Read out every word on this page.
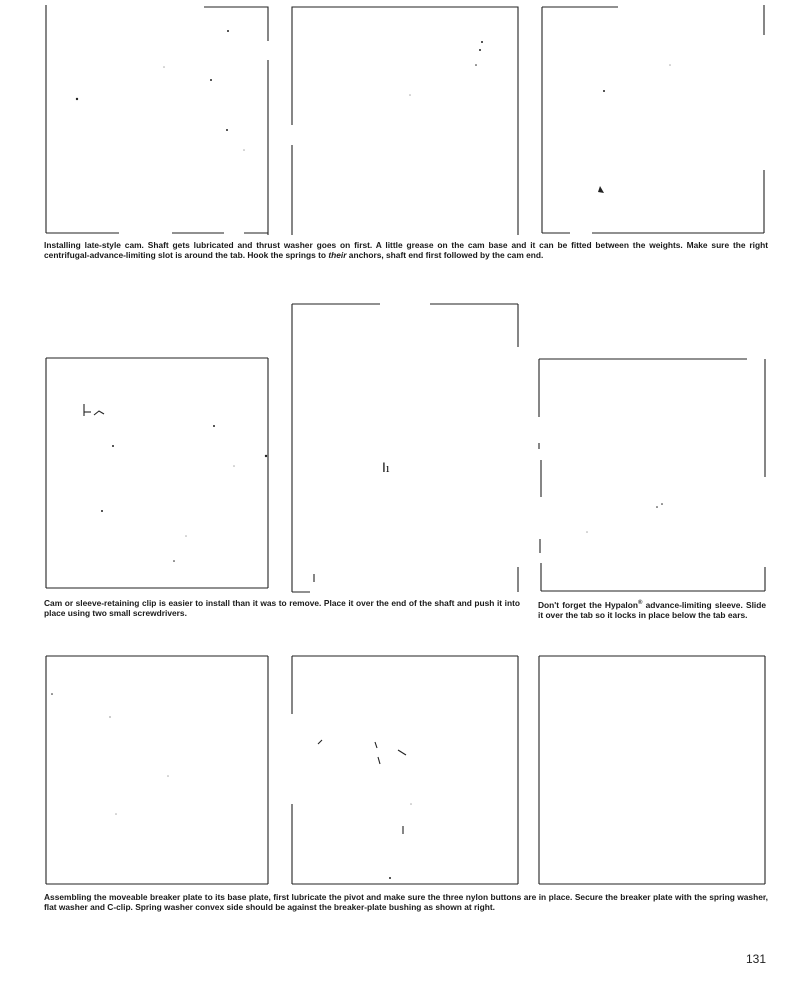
Installing late-style cam. Shaft gets lubricated and thrust washer goes on first. A little grease on the cam base and it can be fitted between the weights. Make sure the right centrifugal-advance-limiting slot is around the tab. Hook the springs to their anchors, shaft end first followed by the cam end.

Ⅰı

Cam or sleeve-retaining clip is easier to install than it was to remove. Place it over the end of the shaft and push it into place using two small screwdrivers.

Don't forget the Hypalon® advance-limiting sleeve. Slide it over the tab so it locks in place below the tab ears.

Assembling the moveable breaker plate to its base plate, first lubricate the pivot and make sure the three nylon buttons are in place. Secure the breaker plate with the spring washer, flat washer and C-clip. Spring washer convex side should be against the breaker-plate bushing as shown at right.

131
